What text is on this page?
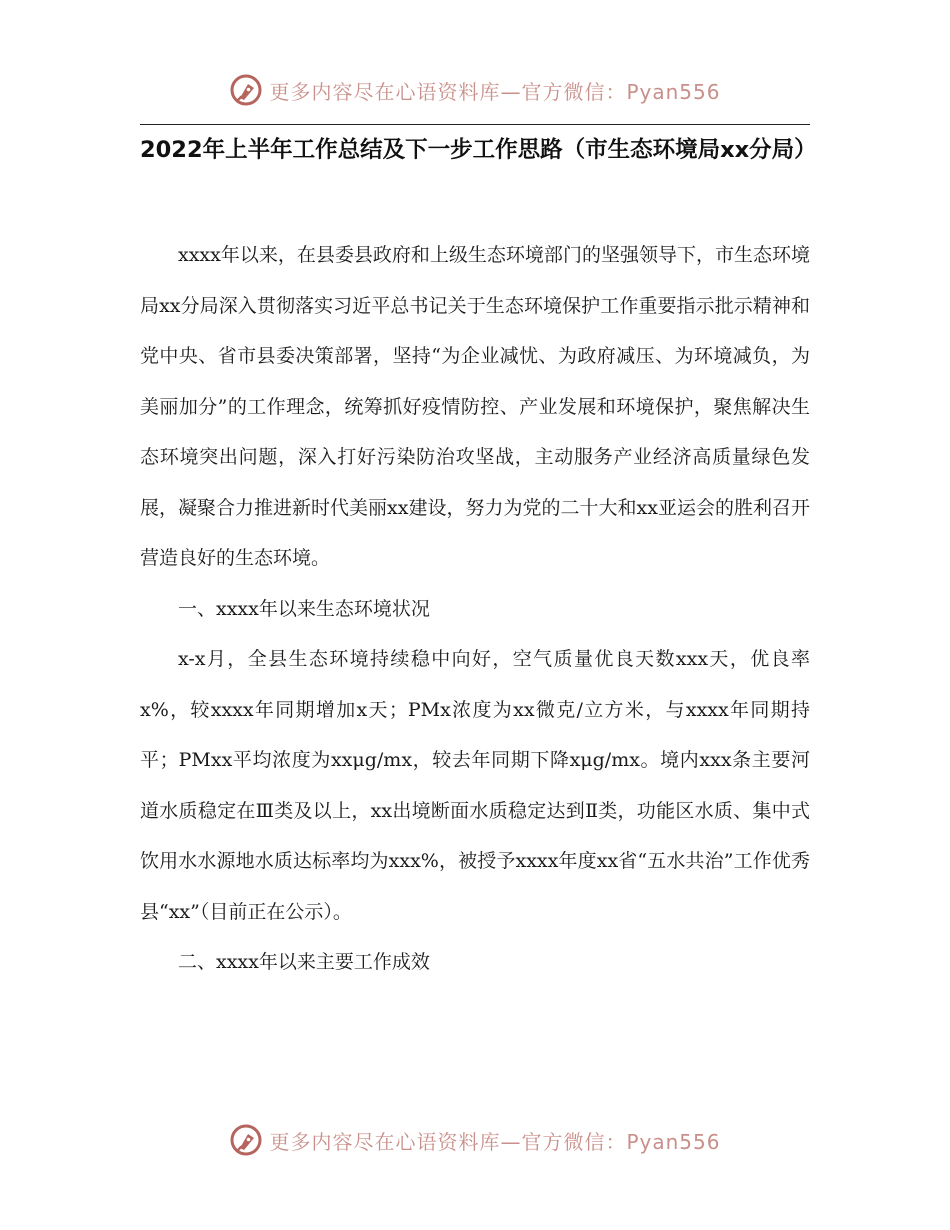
更多内容尽在心语资料库—官方微信：Pyan556
2022年上半年工作总结及下一步工作思路（市生态环境局xx分局）

xxxx年以来，在县委县政府和上级生态环境部门的坚强领导下，市生态环境局xx分局深入贯彻落实习近平总书记关于生态环境保护工作重要指示批示精神和党中央、省市县委决策部署，坚持“为企业减忧、为政府减压、为环境减负，为美丽加分”的工作理念，统筹抓好疫情防控、产业发展和环境保护，聚焦解决生态环境突出问题，深入打好污染防治攻坚战，主动服务产业经济高质量绿色发展，凝聚合力推进新时代美丽xx建设，努力为党的二十大和xx亚运会的胜利召开营造良好的生态环境。

一、xxxx年以来生态环境状况

x-x月，全县生态环境持续稳中向好，空气质量优良天数xxx天，优良率x%，较xxxx年同期增加x天；PMx浓度为xx微克/立方米，与xxxx年同期持平；PMxx平均浓度为xxμg/mx，较去年同期下降xμg/mx。境内xxx条主要河道水质稳定在Ⅲ类及以上，xx出境断面水质稳定达到Ⅱ类，功能区水质、集中式饮用水水源地水质达标率均为xxx%，被授予xxxx年度xx省“五水共治”工作优秀县“xx”（目前正在公示）。

二、xxxx年以来主要工作成效

更多内容尽在心语资料库—官方微信：Pyan556
